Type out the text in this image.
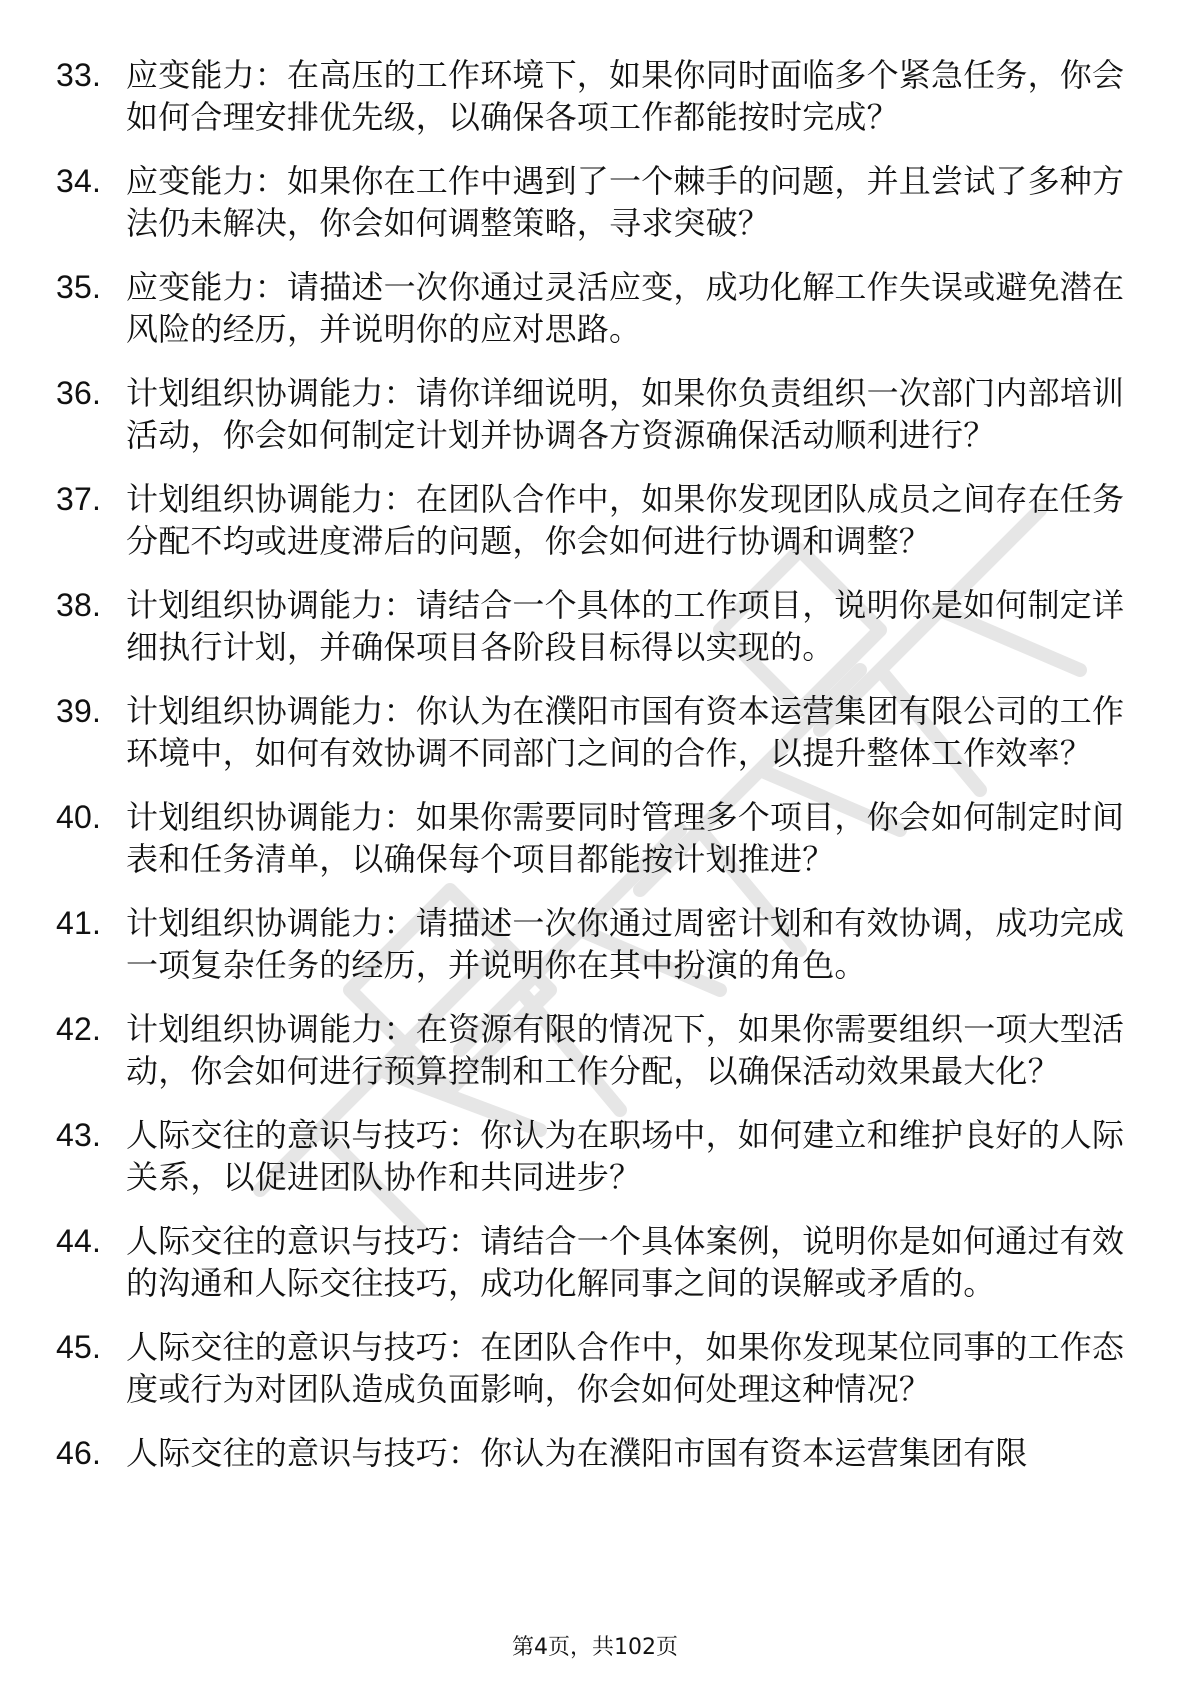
33. 应变能力：在高压的工作环境下，如果你同时面临多个紧急任务，你会如何合理安排优先级，以确保各项工作都能按时完成？
34. 应变能力：如果你在工作中遇到了一个棘手的问题，并且尝试了多种方法仍未解决，你会如何调整策略，寻求突破？
35. 应变能力：请描述一次你通过灵活应变，成功化解工作失误或避免潜在风险的经历，并说明你的应对思路。
36. 计划组织协调能力：请你详细说明，如果你负责组织一次部门内部培训活动，你会如何制定计划并协调各方资源确保活动顺利进行？
37. 计划组织协调能力：在团队合作中，如果你发现团队成员之间存在任务分配不均或进度滞后的问题，你会如何进行协调和调整？
38. 计划组织协调能力：请结合一个具体的工作项目，说明你是如何制定详细执行计划，并确保项目各阶段目标得以实现的。
39. 计划组织协调能力：你认为在濮阳市国有资本运营集团有限公司的工作环境中，如何有效协调不同部门之间的合作，以提升整体工作效率？
40. 计划组织协调能力：如果你需要同时管理多个项目，你会如何制定时间表和任务清单，以确保每个项目都能按计划推进？
41. 计划组织协调能力：请描述一次你通过周密计划和有效协调，成功完成一项复杂任务的经历，并说明你在其中扮演的角色。
42. 计划组织协调能力：在资源有限的情况下，如果你需要组织一项大型活动，你会如何进行预算控制和工作分配，以确保活动效果最大化？
43. 人际交往的意识与技巧：你认为在职场中，如何建立和维护良好的人际关系，以促进团队协作和共同进步？
44. 人际交往的意识与技巧：请结合一个具体案例，说明你是如何通过有效的沟通和人际交往技巧，成功化解同事之间的误解或矛盾的。
45. 人际交往的意识与技巧：在团队合作中，如果你发现某位同事的工作态度或行为对团队造成负面影响，你会如何处理这种情况？
46. 人际交往的意识与技巧：你认为在濮阳市国有资本运营集团有限
第4页，共102页
